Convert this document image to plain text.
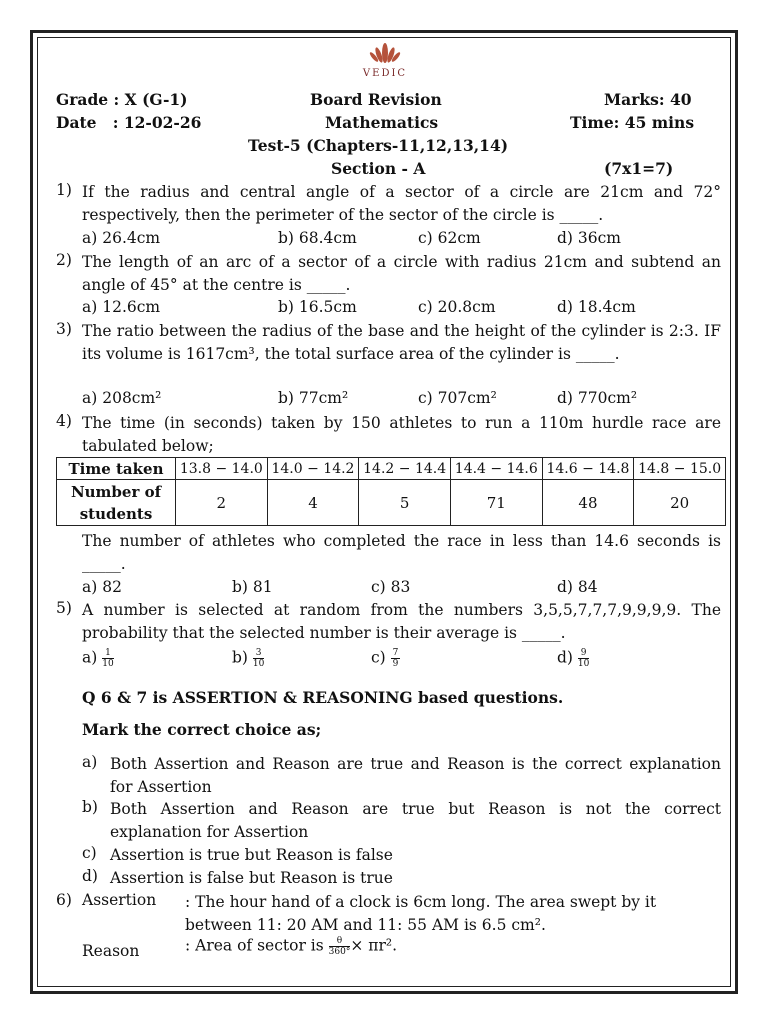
VEDIC
Grade : X (G-1)	Board Revision	Marks: 40
Date   : 12-02-26	Mathematics	Time: 45 mins
Test-5 (Chapters-11,12,13,14)
Section - A	(7x1=7)
1) If the radius and central angle of a sector of a circle are 21cm and 72° respectively, then the perimeter of the sector of the circle is _____.
a) 26.4cm	b) 68.4cm	c) 62cm	d) 36cm
2) The length of an arc of a sector of a circle with radius 21cm and subtend an angle of 45° at the centre is _____.
a) 12.6cm	b) 16.5cm	c) 20.8cm	d) 18.4cm
3) The ratio between the radius of the base and the height of the cylinder is 2:3. IF its volume is 1617cm³, the total surface area of the cylinder is _____.
a) 208cm²	b) 77cm²	c) 707cm²	d) 770cm²
4) The time (in seconds) taken by 150 athletes to run a 110m hurdle race are tabulated below;
Time taken	13.8 − 14.0	14.0 − 14.2	14.2 − 14.4	14.4 − 14.6	14.6 − 14.8	14.8 − 15.0
Number of students	2	4	5	71	48	20
The number of athletes who completed the race in less than 14.6 seconds is _____.
a) 82	b) 81	c) 83	d) 84
5) A number is selected at random from the numbers 3,5,5,7,7,7,9,9,9,9. The probability that the selected number is their average is _____.
$a) \frac{1}{10}$	$b) \frac{3}{10}$	$c) \frac{7}{9}$	$d) \frac{9}{10}$
Q 6 & 7 is ASSERTION & REASONING based questions.
Mark the correct choice as;
a) Both Assertion and Reason are true and Reason is the correct explanation for Assertion
b) Both Assertion and Reason are true but Reason is not the correct explanation for Assertion
c) Assertion is true but Reason is false
d) Assertion is false but Reason is true
6) Assertion : The hour hand of a clock is 6cm long. The area swept by it between 11: 20 AM and 11: 55 AM is 6.5 cm².
Reason	: Area of sector is $\frac{\theta}{360^\circ} \times \pi r^2$.
